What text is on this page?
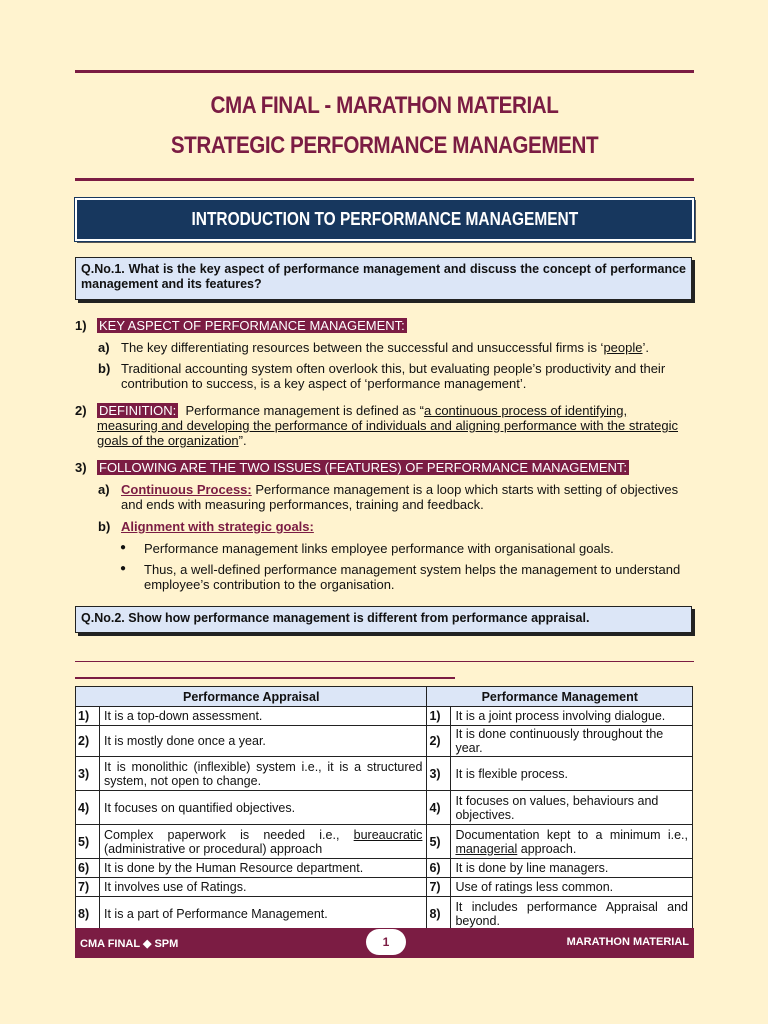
CMA FINAL - MARATHON MATERIAL
STRATEGIC PERFORMANCE MANAGEMENT
INTRODUCTION TO PERFORMANCE MANAGEMENT
Q.No.1. What is the key aspect of performance management and discuss the concept of performance management and its features?
1) KEY ASPECT OF PERFORMANCE MANAGEMENT:
a) The key differentiating resources between the successful and unsuccessful firms is ‘people’.
b) Traditional accounting system often overlook this, but evaluating people’s productivity and their
contribution to success, is a key aspect of ‘performance management’.
2) DEFINITION: Performance management is defined as “a continuous process of identifying,
measuring and developing the performance of individuals and aligning performance with the strategic
goals of the organization”.
3) FOLLOWING ARE THE TWO ISSUES (FEATURES) OF PERFORMANCE MANAGEMENT:
a) Continuous Process: Performance management is a loop which starts with setting of objectives
and ends with measuring performances, training and feedback.
b) Alignment with strategic goals:
● Performance management links employee performance with organisational goals.
● Thus, a well-defined performance management system helps the management to understand
employee’s contribution to the organisation.
Q.No.2. Show how performance management is different from performance appraisal.
Performance Appraisal		Performance Management	
1)	It is a top-down assessment.	1)	It is a joint process involving dialogue.
2)	It is mostly done once a year.	2)	It is done continuously throughout the year.
3)	It is monolithic (inflexible) system i.e., it is a structured system, not open to change.	3)	It is flexible process.
4)	It focuses on quantified objectives.	4)	It focuses on values, behaviours and objectives.
5)	Complex paperwork is needed i.e., bureaucratic (administrative or procedural) approach	5)	Documentation kept to a minimum i.e., managerial approach.
6)	It is done by the Human Resource department.	6)	It is done by line managers.
7)	It involves use of Ratings.	7)	Use of ratings less common.
8)	It is a part of Performance Management.	8)	It includes performance Appraisal and beyond.
CMA FINAL ◆ SPM	MARATHON MATERIAL
1
